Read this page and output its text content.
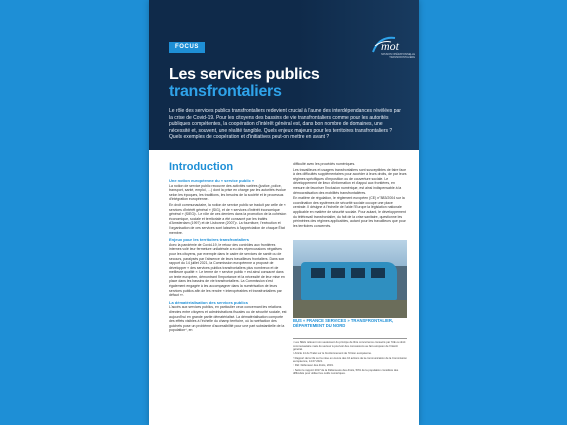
FOCUS	mot
MISSION OPÉRATIONNELLE TRANSFRONTALIÈRE
Les services publics
transfrontaliers
Le rôle des services publics transfrontaliers redevient crucial à l'aune des interdépendances révélées par la crise de Covid-19. Pour les citoyens des bassins de vie transfrontaliers comme pour les autorités publiques compétentes, la coopération d'intérêt général est, dans bon nombre de domaines, une nécessité et, souvent, une réalité tangible. Quels enjeux majeurs pour les territoires transfrontaliers ? Quels exemples de coopération et d'initiatives peut-on mettre en avant ?
Introduction
Une notion européenne du « service public »

La notion de service public recouvre des activités variées (justice, police, transport, santé, emploi, …) dont la prise en charge par les autorités évolue selon les époques, les traditions, les besoins de la société et le processus d'intégration européenne.

En droit communautaire, la notion de service public se traduit par celle de « services d'intérêt général » (SIG), et de « services d'intérêt économique général » (SIEG)¹. Le rôle de ces derniers dans la promotion de la cohésion économique, sociale et territoriale a été consacré par les traités d'Amsterdam (1997) et de Lisbonne (2007)². La fourniture, l'exécution et l'organisation de ces services sont laissées à l'appréciation de chaque État membre.

Enjeux pour les territoires transfrontaliers

Avec la pandémie de Covid-19, le retour des contrôles aux frontières internes volé leur fermeture unilatérale a eu des répercussions négatives pour les citoyens, par exemple dans le cadre de services de santé ou de secours, paralysés par l'absence de leurs travailleurs frontaliers. Dans son rapport du 14 juillet 2021, la Commission européenne a proposé de développer « des services publics transfrontaliers plus nombreux et de meilleure qualité ». Le terme de « service public » est ainsi consacré dans un texte européen, démontrant l'importance et la nécessité de leur mise en place dans les bassins de vie transfrontaliers. La Commission s'est également engagée à les accompagner dans la numérisation de leurs services publics afin de les rendre « interopérables et transfrontaliers par défaut »³.

La dématérialisation des services publics

L'accès aux services publics, en particulier ceux concernant les relations directes entre citoyens et administrations fiscales ou de sécurité sociale, est aujourd'hui en grande partie dématérialisé. La dématérialisation comporte des effets visibles à l'échelle du champ territoire, où la raréfaction des guichets pose un problème d'accessibilité pour une part substantielle de la population⁴, en

difficulté avec les procédés numériques.

Les travailleurs et usagers transfrontaliers sont susceptibles de faire face à des difficultés supplémentaires pour accéder à leurs droits, de par leurs régimes spécifiques d'imposition ou de couverture sociale. Le développement de lieux d'information et d'appui aux frontières, en mesure de favoriser l'inclusion numérique, est ainsi indispensable à la démocratisation des mobilités transfrontalières.

En matière de régulation, le règlement européen (CE) n°883/2004 sur la coordination des systèmes de sécurité sociale occupe une place centrale. Il désigne à l'échelle de l'aide l'Europe la législation nationale applicable en matière de sécurité sociale. Pour autant, le développement du télétravail transfrontalier, du fait de la crise sanitaire, questionne les périmètres des régimes applicables, autant pour les travailleurs que pour les territoires concernés.

BUS « FRANCE SERVICES » TRANSFRONTALIER, DÉPARTEMENT DU NORD

¹ Les SIEG relèvent non seulement du principe de libre concurrence consacré par l'UE ou droit communautaire mais du secteur à pourvoir des concessions au fait européen de l'intérêt général.

² Article 14 du Traité sur le fonctionnement de l'Union européenne.

³ Rapport de la CE sur la mise en œuvre des 10 actions de la communication de la Commission européenne, 14.07.2021.

⁴ Réf. Défenseur des droits, 2019.

⁵ Selon le rapport 2017 de la Défenseure des droits, 50% de la population considère des difficultés pour utiliser les outils numériques.
